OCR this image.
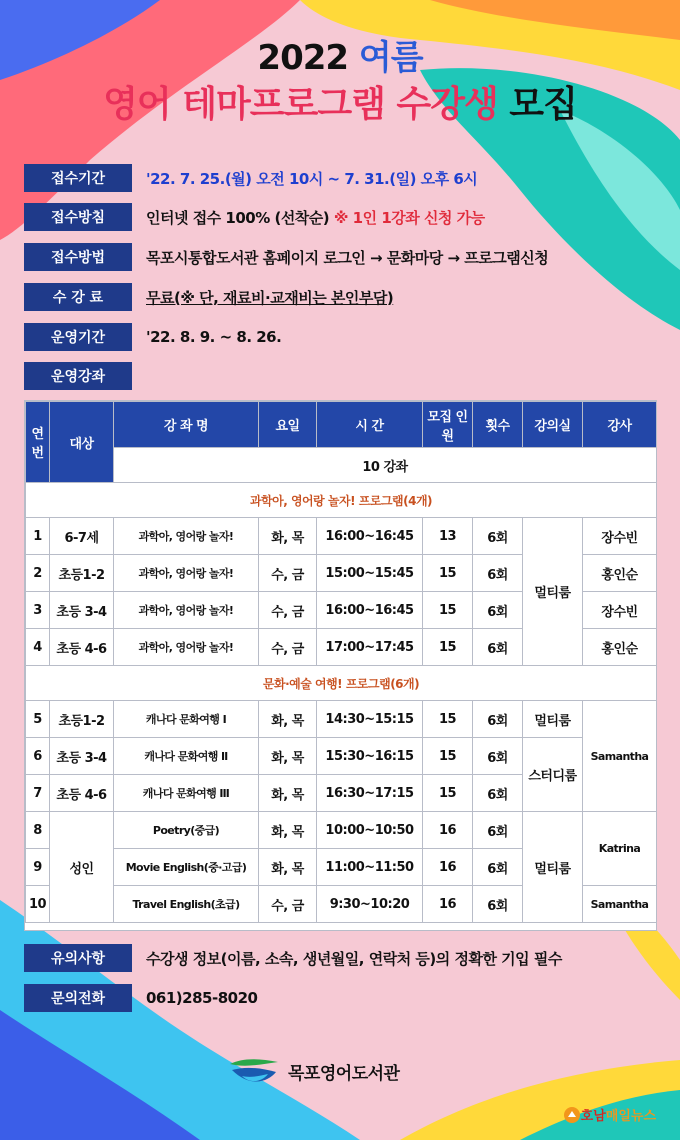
2022 여름
영어 테마프로그램 수강생 모집
접수기간	'22. 7. 25.(월) 오전 10시 ~ 7. 31.(일) 오후 6시
접수방침	인터넷 접수 100% (선착순) ※ 1인 1강좌 신청 가능
접수방법	목포시통합도서관 홈페이지 로그인 → 문화마당 → 프로그램신청
수 강 료	무료(※ 단, 재료비·교재비는 본인부담)
운영기간	'22. 8. 9. ~ 8. 26.
운영강좌
연번	대상	강 좌 명	요일	시 간	모집 인원	횟수	강의실	강사
		10 강좌						
과학아, 영어랑 놀자! 프로그램(4개)								
1	6-7세	과학아, 영어랑 놀자!	화, 목	16:00~16:45	13	6회	멀티룸	장수빈
2	초등1-2	과학아, 영어랑 놀자!	수, 금	15:00~15:45	15	6회		홍인순
3	초등 3-4	과학아, 영어랑 놀자!	수, 금	16:00~16:45	15	6회		장수빈
4	초등 4-6	과학아, 영어랑 놀자!	수, 금	17:00~17:45	15	6회		홍인순
문화·예술 여행! 프로그램(6개)								
5	초등1-2	캐나다 문화여행 Ⅰ	화, 목	14:30~15:15	15	6회	멀티룸	Samantha
6	초등 3-4	캐나다 문화여행 Ⅱ	화, 목	15:30~16:15	15	6회	스터디룸	
7	초등 4-6	캐나다 문화여행 Ⅲ	화, 목	16:30~17:15	15	6회		
8	성인	Poetry(중급)	화, 목	10:00~10:50	16	6회	멀티룸	Katrina
9		Movie English(중·고급)	화, 목	11:00~11:50	16	6회		
10		Travel English(초급)	수, 금	9:30~10:20	16	6회		Samantha
유의사항	수강생 정보(이름, 소속, 생년월일, 연락처 등)의 정확한 기입 필수
문의전화	061)285-8020
목포영어도서관
호남 매일뉴스
